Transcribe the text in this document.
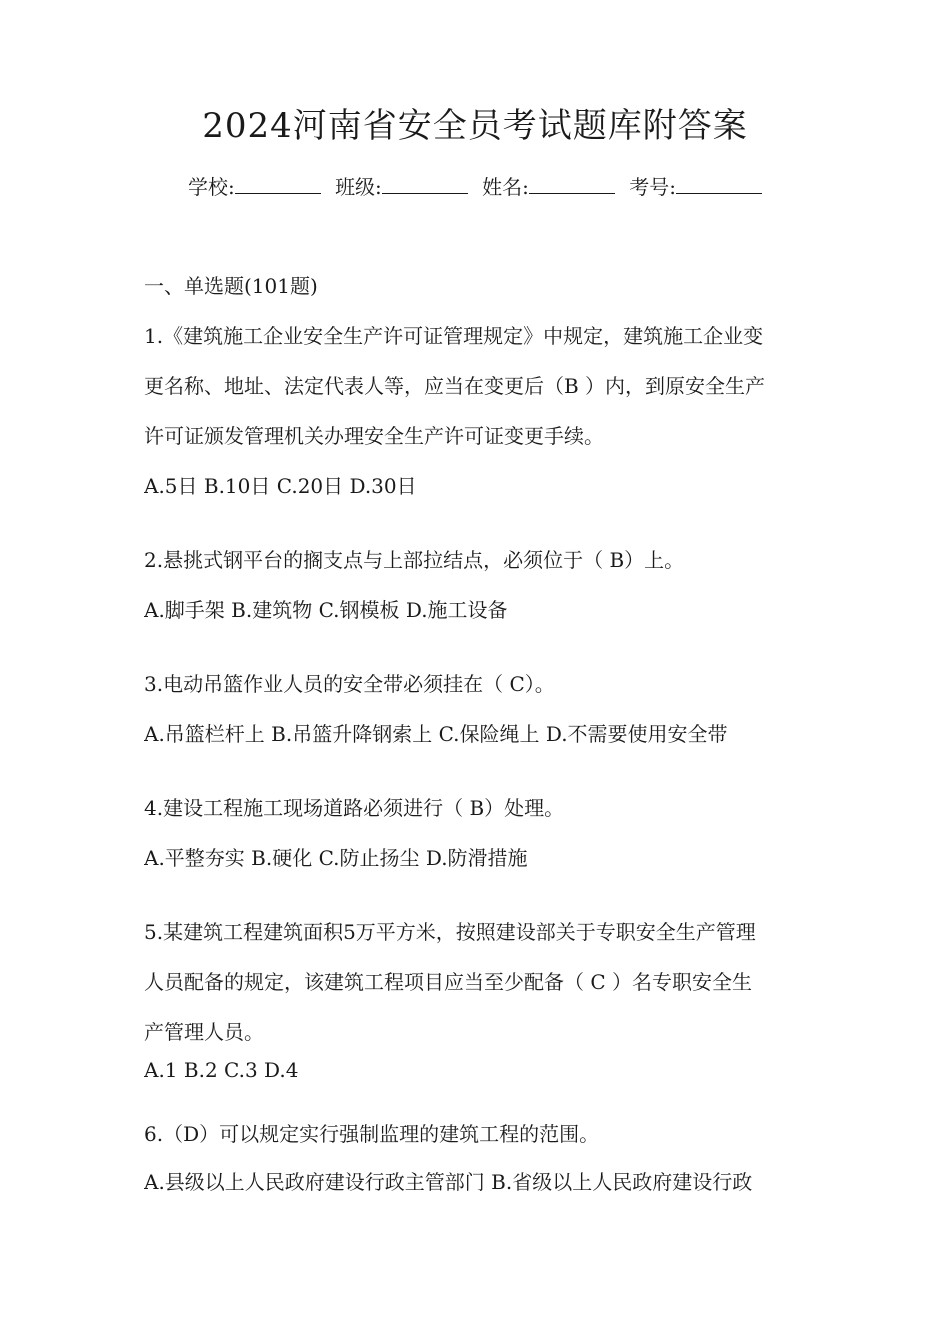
2024河南省安全员考试题库附答案
学校:	班级:	姓名:	考号:
一、单选题(101题)
1.《建筑施工企业安全生产许可证管理规定》中规定，建筑施工企业变
更名称、地址、法定代表人等，应当在变更后（B ）内，到原安全生产
许可证颁发管理机关办理安全生产许可证变更手续。
A.5日 B.10日 C.20日 D.30日
2.悬挑式钢平台的搁支点与上部拉结点，必须位于（ B）上。
A.脚手架 B.建筑物 C.钢模板 D.施工设备
3.电动吊篮作业人员的安全带必须挂在（ C）。
A.吊篮栏杆上 B.吊篮升降钢索上 C.保险绳上 D.不需要使用安全带
4.建设工程施工现场道路必须进行（ B）处理。
A.平整夯实 B.硬化 C.防止扬尘 D.防滑措施
5.某建筑工程建筑面积5万平方米，按照建设部关于专职安全生产管理
人员配备的规定，该建筑工程项目应当至少配备（ C ）名专职安全生
产管理人员。
A.1 B.2 C.3 D.4
6.（D）可以规定实行强制监理的建筑工程的范围。
A.县级以上人民政府建设行政主管部门 B.省级以上人民政府建设行政
